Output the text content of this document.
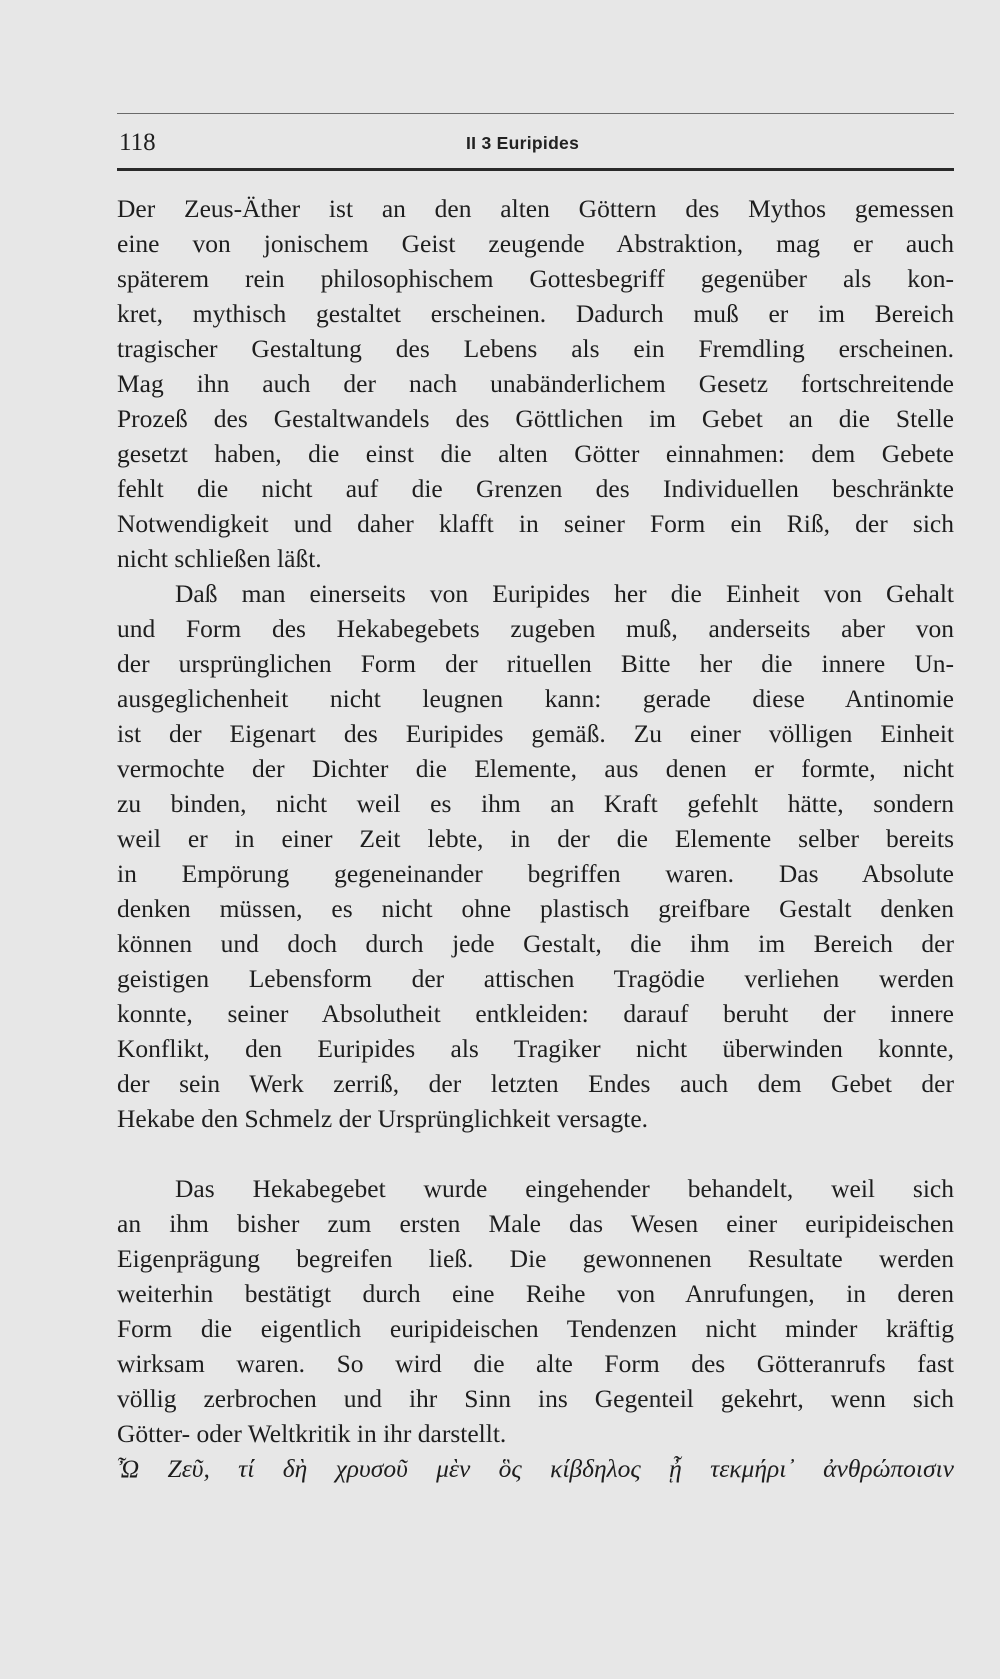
118	II 3 Euripides
Der Zeus-Äther ist an den alten Göttern des Mythos gemessen
eine von jonischem Geist zeugende Abstraktion, mag er auch
späterem rein philosophischem Gottesbegriff gegenüber als kon-
kret, mythisch gestaltet erscheinen. Dadurch muß er im Bereich
tragischer Gestaltung des Lebens als ein Fremdling erscheinen.
Mag ihn auch der nach unabänderlichem Gesetz fortschreitende
Prozeß des Gestaltwandels des Göttlichen im Gebet an die Stelle
gesetzt haben, die einst die alten Götter einnahmen: dem Gebete
fehlt die nicht auf die Grenzen des Individuellen beschränkte
Notwendigkeit und daher klafft in seiner Form ein Riß, der sich
nicht schließen läßt.
Daß man einerseits von Euripides her die Einheit von Gehalt
und Form des Hekabegebets zugeben muß, anderseits aber von
der ursprünglichen Form der rituellen Bitte her die innere Un-
ausgeglichenheit nicht leugnen kann: gerade diese Antinomie
ist der Eigenart des Euripides gemäß. Zu einer völligen Einheit
vermochte der Dichter die Elemente, aus denen er formte, nicht
zu binden, nicht weil es ihm an Kraft gefehlt hätte, sondern
weil er in einer Zeit lebte, in der die Elemente selber bereits
in Empörung gegeneinander begriffen waren. Das Absolute
denken müssen, es nicht ohne plastisch greifbare Gestalt denken
können und doch durch jede Gestalt, die ihm im Bereich der
geistigen Lebensform der attischen Tragödie verliehen werden
konnte, seiner Absolutheit entkleiden: darauf beruht der innere
Konflikt, den Euripides als Tragiker nicht überwinden konnte,
der sein Werk zerriß, der letzten Endes auch dem Gebet der
Hekabe den Schmelz der Ursprünglichkeit versagte.
Das Hekabegebet wurde eingehender behandelt, weil sich
an ihm bisher zum ersten Male das Wesen einer euripideischen
Eigenprägung begreifen ließ. Die gewonnenen Resultate werden
weiterhin bestätigt durch eine Reihe von Anrufungen, in deren
Form die eigentlich euripideischen Tendenzen nicht minder kräftig
wirksam waren. So wird die alte Form des Götteranrufs fast
völlig zerbrochen und ihr Sinn ins Gegenteil gekehrt, wenn sich
Götter- oder Weltkritik in ihr darstellt.
Ὦ Ζεῦ, τί δὴ χρυσοῦ μὲν ὃς κίβδηλος ᾖ τεκμήρι᾽ ἀνθρώποισιν
